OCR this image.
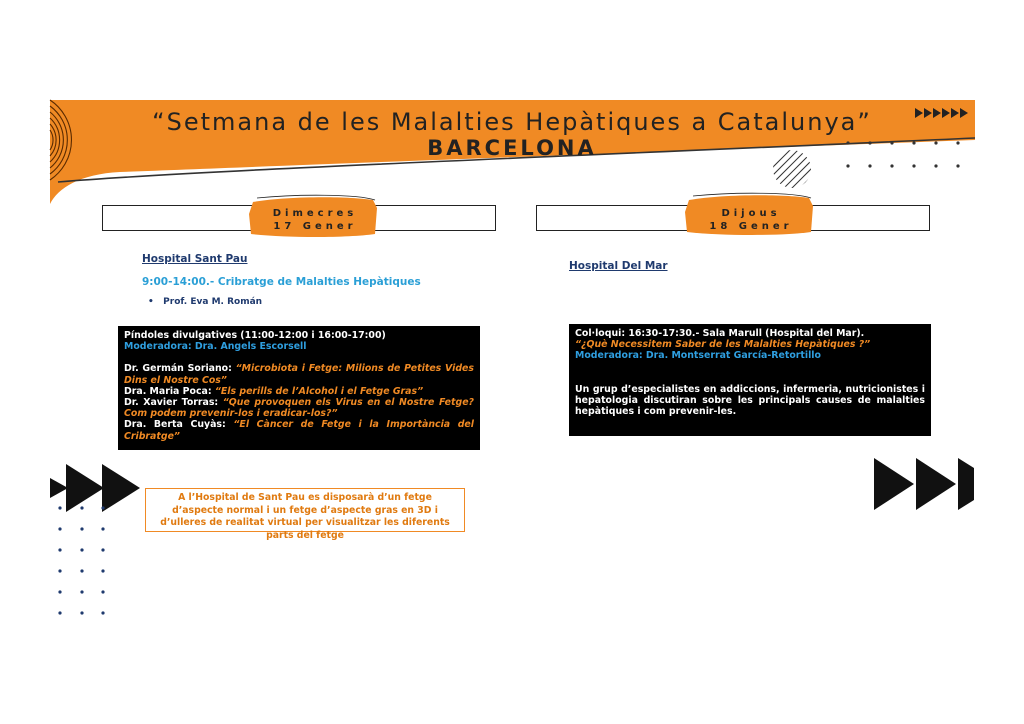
“Setmana de les Malalties Hepàtiques a Catalunya”
BARCELONA
Dimecres
17 Gener
Dijous
18 Gener
Hospital Sant Pau
9:00-14:00.- Cribratge de Malalties Hepàtiques
•   Prof. Eva M. Román

Píndoles divulgatives (11:00-12:00 i 16:00-17:00)

Moderadora: Dra. Angels Escorsell

Dr. Germán Soriano: “Microbiota i Fetge: Milions de Petites Vides Dins el Nostre Cos”

Dra. Maria Poca: “Els perills de l’Alcohol i el Fetge Gras”

Dr. Xavier Torras: “Que provoquen els Virus en el Nostre Fetge? Com podem prevenir-los i eradicar-los?”

Dra. Berta Cuyàs: “El Càncer de Fetge i la Importància del Cribratge”

Hospital Del Mar

Col·loqui: 16:30-17:30.- Sala Marull (Hospital del Mar).

“¿Què Necessitem Saber de les Malalties Hepàtiques ?”

Moderadora: Dra. Montserrat García-Retortillo

Un grup d’especialistes en addiccions, infermeria, nutricionistes i hepatologia discutiran sobre les principals causes de malalties hepàtiques i com prevenir-les.

A l’Hospital de Sant Pau es disposarà d’un fetge d’aspecte normal i un fetge d’aspecte gras en 3D i d’ulleres de realitat virtual per visualitzar les diferents parts del fetge
